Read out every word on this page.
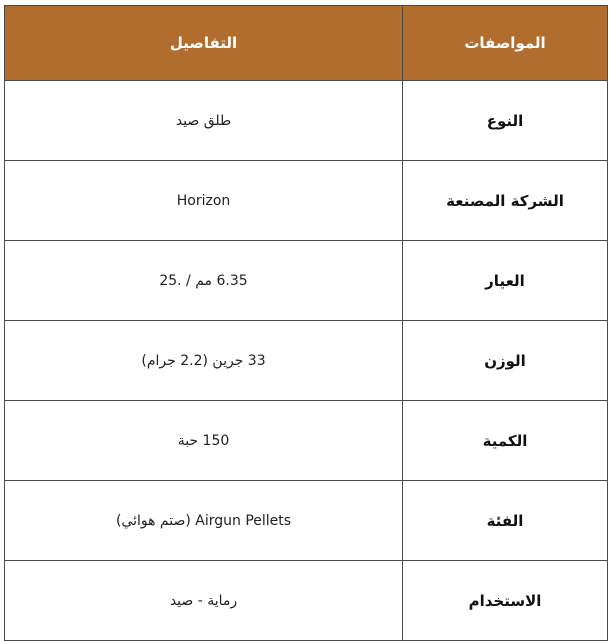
المواصفات	التفاصيل
النوع	طلق صيد
الشركة المصنعة	Horizon
العيار	6.35 مم / .25
الوزن	33 جرين (2.2 جرام)
الكمية	150 حبة
الفئة	Airgun Pellets (صتم هوائي)
الاستخدام	رماية - صيد
